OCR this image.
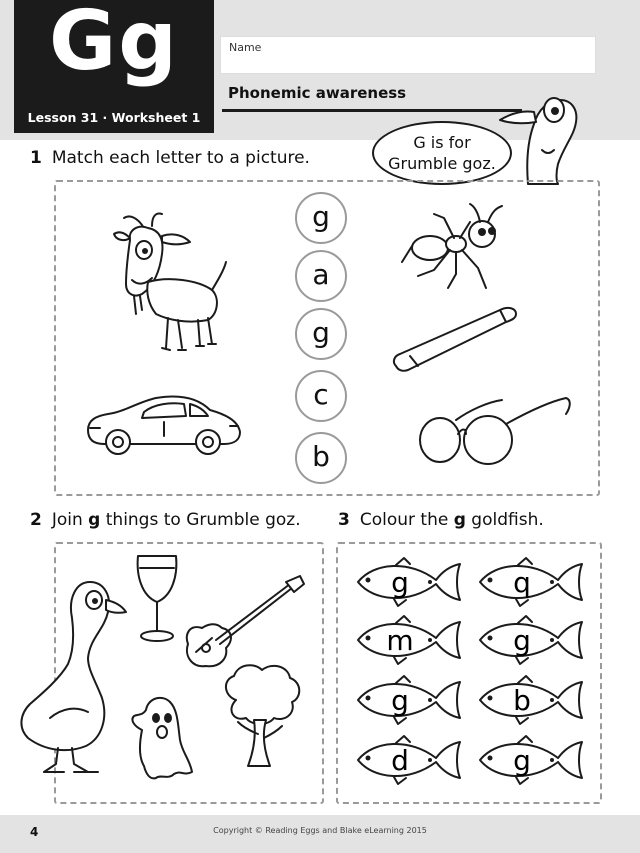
Gg
Lesson 31 · Worksheet 1
Name
Phonemic awareness
G is for
Grumble goz.
1 Match each letter to a picture.
g
a
g
c
b
2 Join g things to Grumble goz. 3 Colour the g goldfish.
g	q
m	g
g	b
d	g
4	Copyright © Reading Eggs and Blake eLearning 2015
